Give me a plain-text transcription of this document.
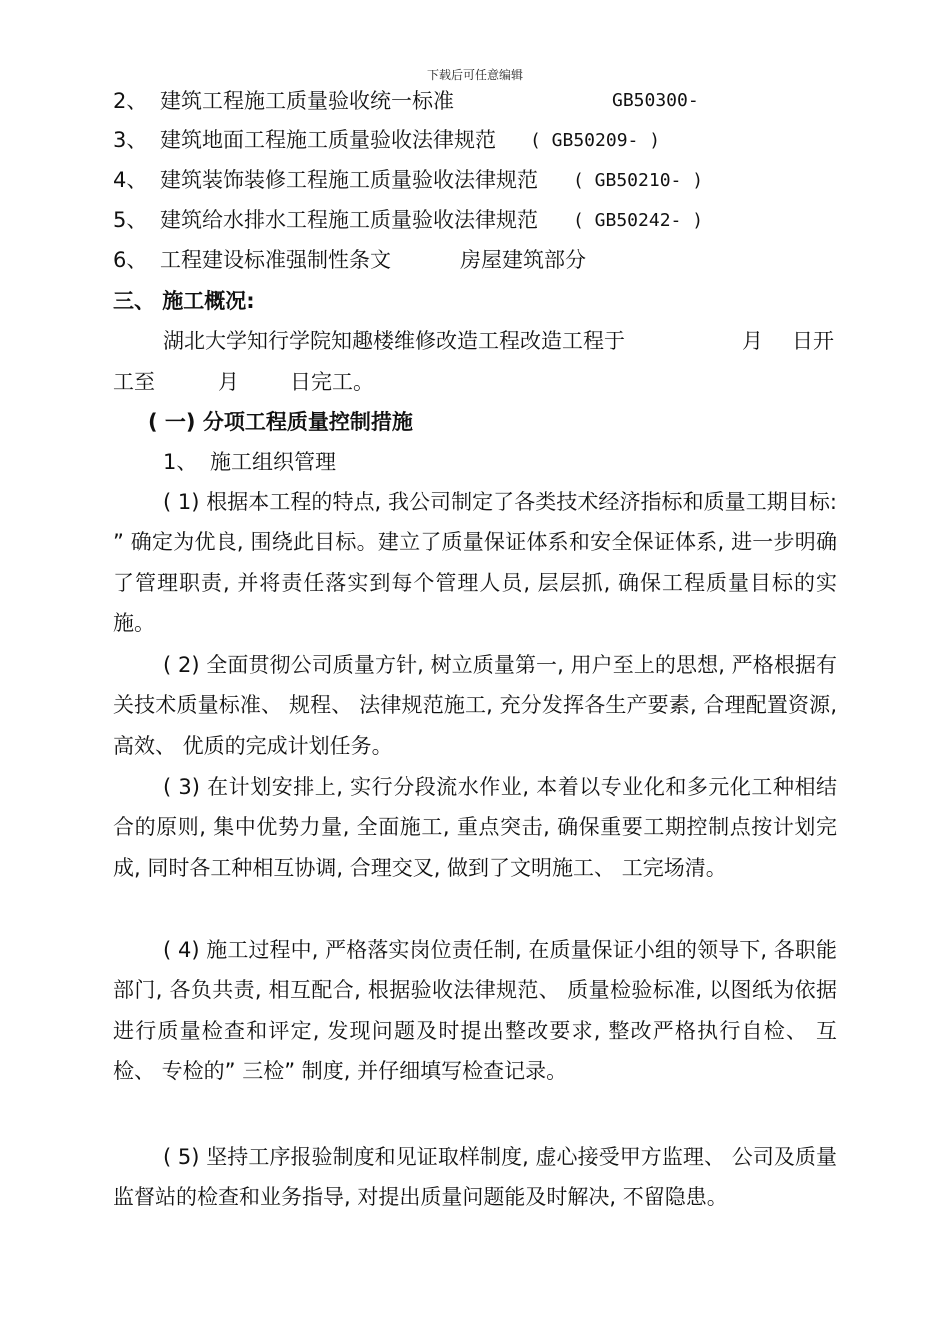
下载后可任意编辑
2、 建筑工程施工质量验收统一标准	GB50300-
3、 建筑地面工程施工质量验收法律规范 ( GB50209- )
4、 建筑装饰装修工程施工质量验收法律规范 ( GB50210- )
5、 建筑给水排水工程施工质量验收法律规范 ( GB50242- )
6、 工程建设标准强制性条文	房屋建筑部分
三、 施工概况:
湖北大学知行学院知趣楼维修改造工程改造工程于	月 日开
工至	月 日完工。
( 一) 分项工程质量控制措施
1、 施工组织管理
( 1) 根据本工程的特点, 我公司制定了各类技术经济指标和质量工期目标: ” 确定为优良, 围绕此目标。建立了质量保证体系和安全保证体系, 进一步明确了管理职责, 并将责任落实到每个管理人员, 层层抓, 确保工程质量目标的实施。
( 2) 全面贯彻公司质量方针, 树立质量第一, 用户至上的思想, 严格根据有关技术质量标准、 规程、 法律规范施工, 充分发挥各生产要素, 合理配置资源, 高效、 优质的完成计划任务。
( 3) 在计划安排上, 实行分段流水作业, 本着以专业化和多元化工种相结合的原则, 集中优势力量, 全面施工, 重点突击, 确保重要工期控制点按计划完成, 同时各工种相互协调, 合理交叉, 做到了文明施工、 工完场清。
( 4) 施工过程中, 严格落实岗位责任制, 在质量保证小组的领导下, 各职能部门, 各负共责, 相互配合, 根据验收法律规范、 质量检验标准, 以图纸为依据进行质量检查和评定, 发现问题及时提出整改要求, 整改严格执行自检、 互检、 专检的” 三检” 制度, 并仔细填写检查记录。
( 5) 坚持工序报验制度和见证取样制度, 虚心接受甲方监理、 公司及质量监督站的检查和业务指导, 对提出质量问题能及时解决, 不留隐患。
